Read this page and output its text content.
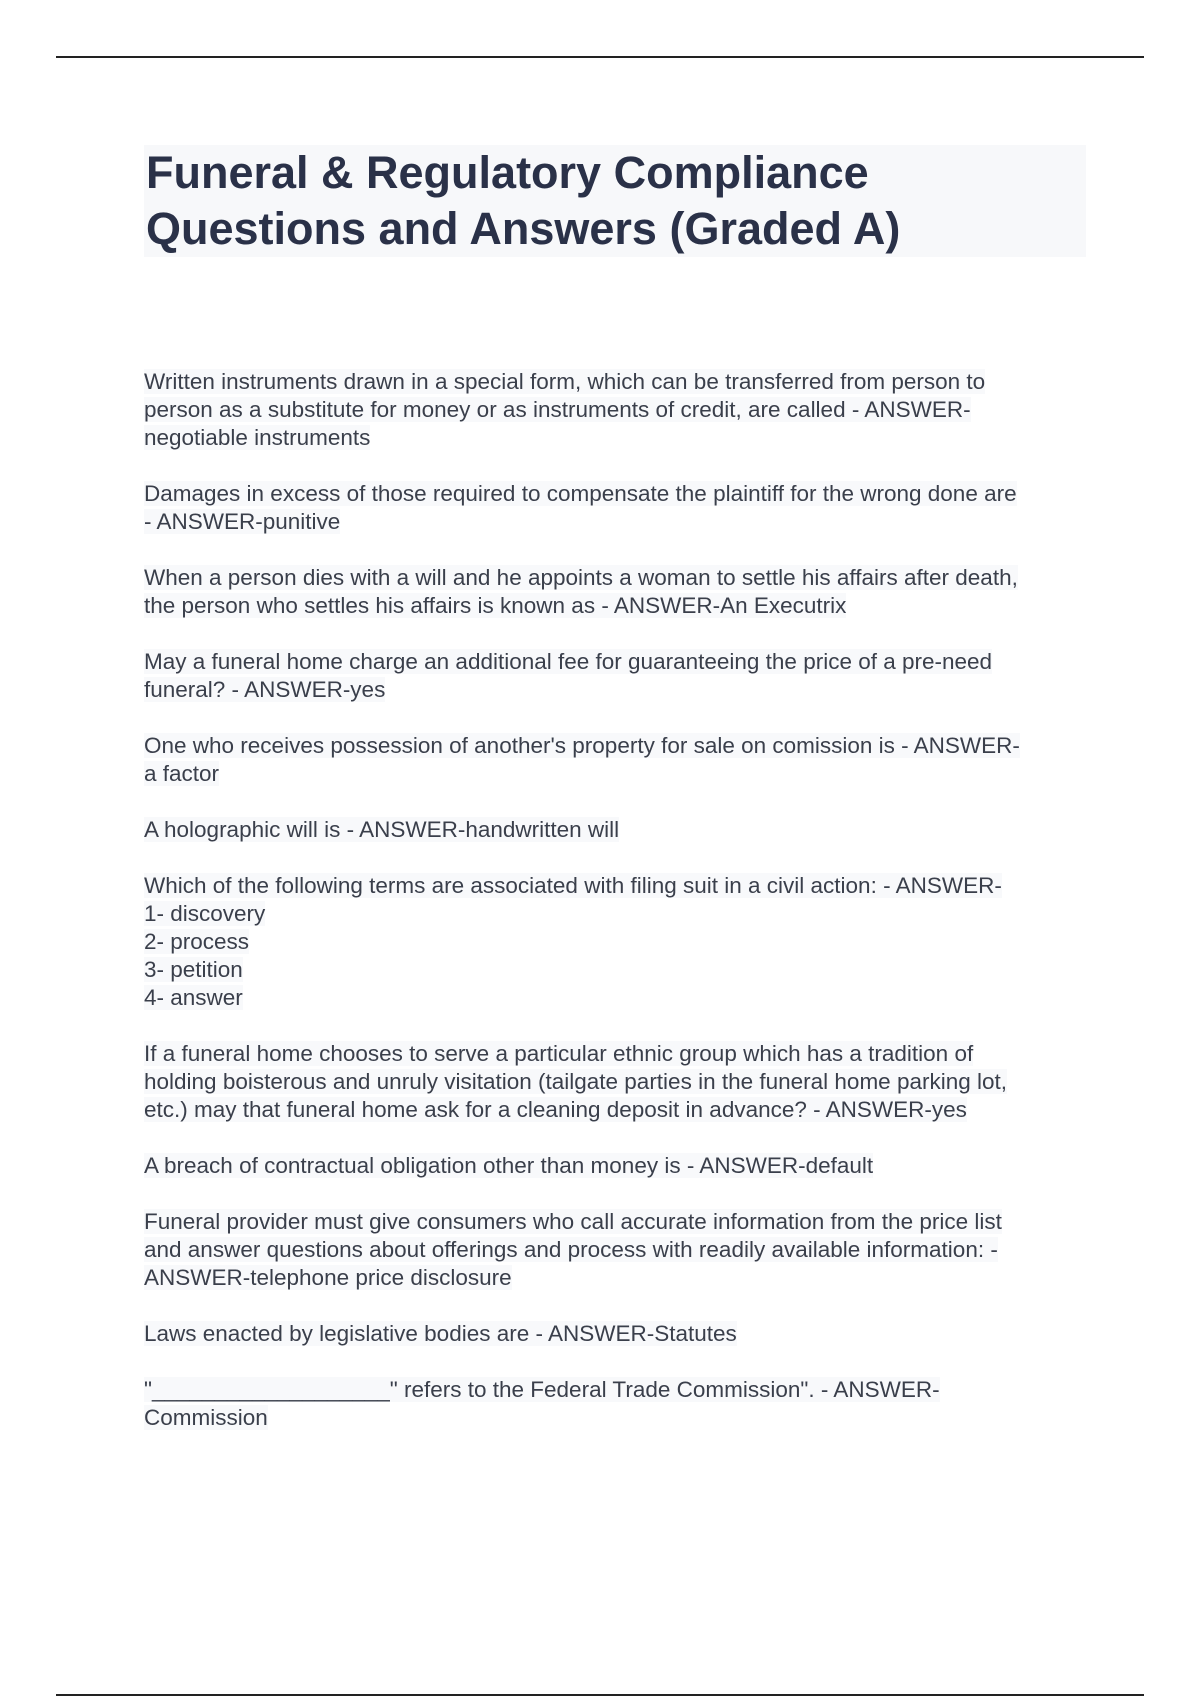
Funeral & Regulatory Compliance
Questions and Answers (Graded A)
Written instruments drawn in a special form, which can be transferred from person to
person as a substitute for money or as instruments of credit, are called - ANSWER-
negotiable instruments
Damages in excess of those required to compensate the plaintiff for the wrong done are
- ANSWER-punitive
When a person dies with a will and he appoints a woman to settle his affairs after death,
the person who settles his affairs is known as - ANSWER-An Executrix
May a funeral home charge an additional fee for guaranteeing the price of a pre-need
funeral? - ANSWER-yes
One who receives possession of another's property for sale on comission is - ANSWER-
a factor
A holographic will is - ANSWER-handwritten will
Which of the following terms are associated with filing suit in a civil action: - ANSWER-
1- discovery
2- process
3- petition
4- answer
If a funeral home chooses to serve a particular ethnic group which has a tradition of
holding boisterous and unruly visitation (tailgate parties in the funeral home parking lot,
etc.) may that funeral home ask for a cleaning deposit in advance? - ANSWER-yes
A breach of contractual obligation other than money is - ANSWER-default
Funeral provider must give consumers who call accurate information from the price list
and answer questions about offerings and process with readily available information: -
ANSWER-telephone price disclosure
Laws enacted by legislative bodies are - ANSWER-Statutes
"___________________" refers to the Federal Trade Commission". - ANSWER-
Commission
